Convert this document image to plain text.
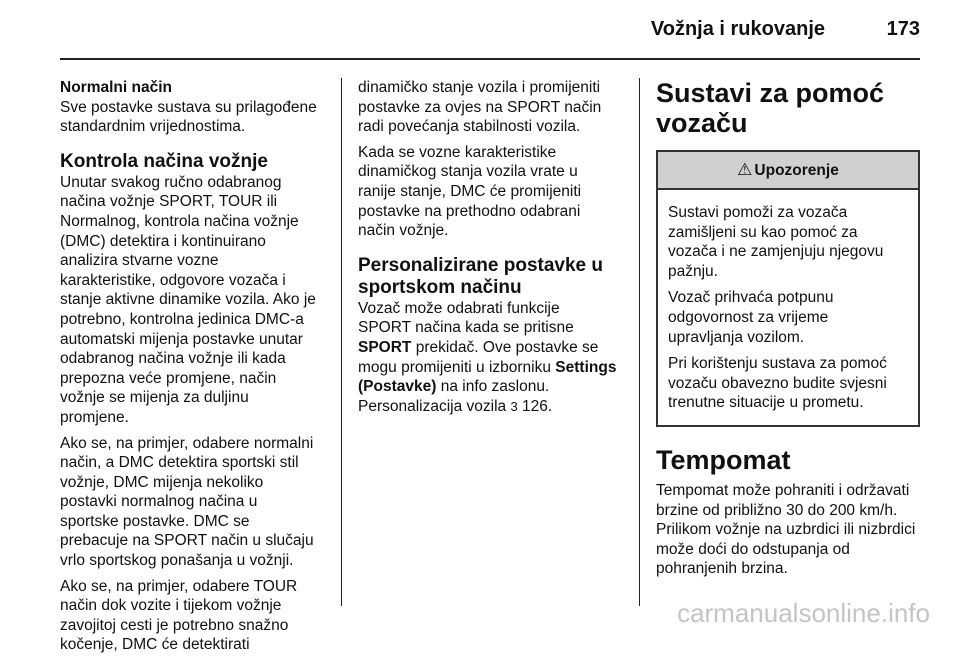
Vožnja i rukovanje	173

Normalni način

Sve postavke sustava su prilagođene
standardnim vrijednostima.

Kontrola načina vožnje

Unutar svakog ručno odabranog
načina vožnje SPORT, TOUR ili
Normalnog, kontrola načina vožnje
(DMC) detektira i kontinuirano
analizira stvarne vozne
karakteristike, odgovore vozača i
stanje aktivne dinamike vozila. Ako je
potrebno, kontrolna jedinica DMC-a
automatski mijenja postavke unutar
odabranog načina vožnje ili kada
prepozna veće promjene, način
vožnje se mijenja za duljinu
promjene.

Ako se, na primjer, odabere normalni
način, a DMC detektira sportski stil
vožnje, DMC mijenja nekoliko
postavki normalnog načina u
sportske postavke. DMC se
prebacuje na SPORT način u slučaju
vrlo sportskog ponašanja u vožnji.

Ako se, na primjer, odabere TOUR
način dok vozite i tijekom vožnje
zavojitoj cesti je potrebno snažno
kočenje, DMC će detektirati

dinamičko stanje vozila i promijeniti
postavke za ovjes na SPORT način
radi povećanja stabilnosti vozila.

Kada se vozne karakteristike
dinamičkog stanja vozila vrate u
ranije stanje, DMC će promijeniti
postavke na prethodno odabrani
način vožnje.

Personalizirane postavke u
sportskom načinu

Vozač može odabrati funkcije
SPORT načina kada se pritisne
SPORT prekidač. Ove postavke se
mogu promijeniti u izborniku Settings
(Postavke) na info zaslonu.
Personalizacija vozila 3 126.

Sustavi za pomoć
vozaču
⚠ Upozorenje

Sustavi pomoži za vozača
zamišljeni su kao pomoć za
vozača i ne zamjenjuju njegovu
pažnju.

Vozač prihvaća potpunu
odgovornost za vrijeme
upravljanja vozilom.

Pri korištenju sustava za pomoć
vozaču obavezno budite svjesni
trenutne situacije u prometu.

Tempomat

Tempomat može pohraniti i održavati
brzine od približno 30 do 200 km/h.
Prilikom vožnje na uzbrdici ili nizbrdici
može doći do odstupanja od
pohranjenih brzina.

carmanualsonline.info
